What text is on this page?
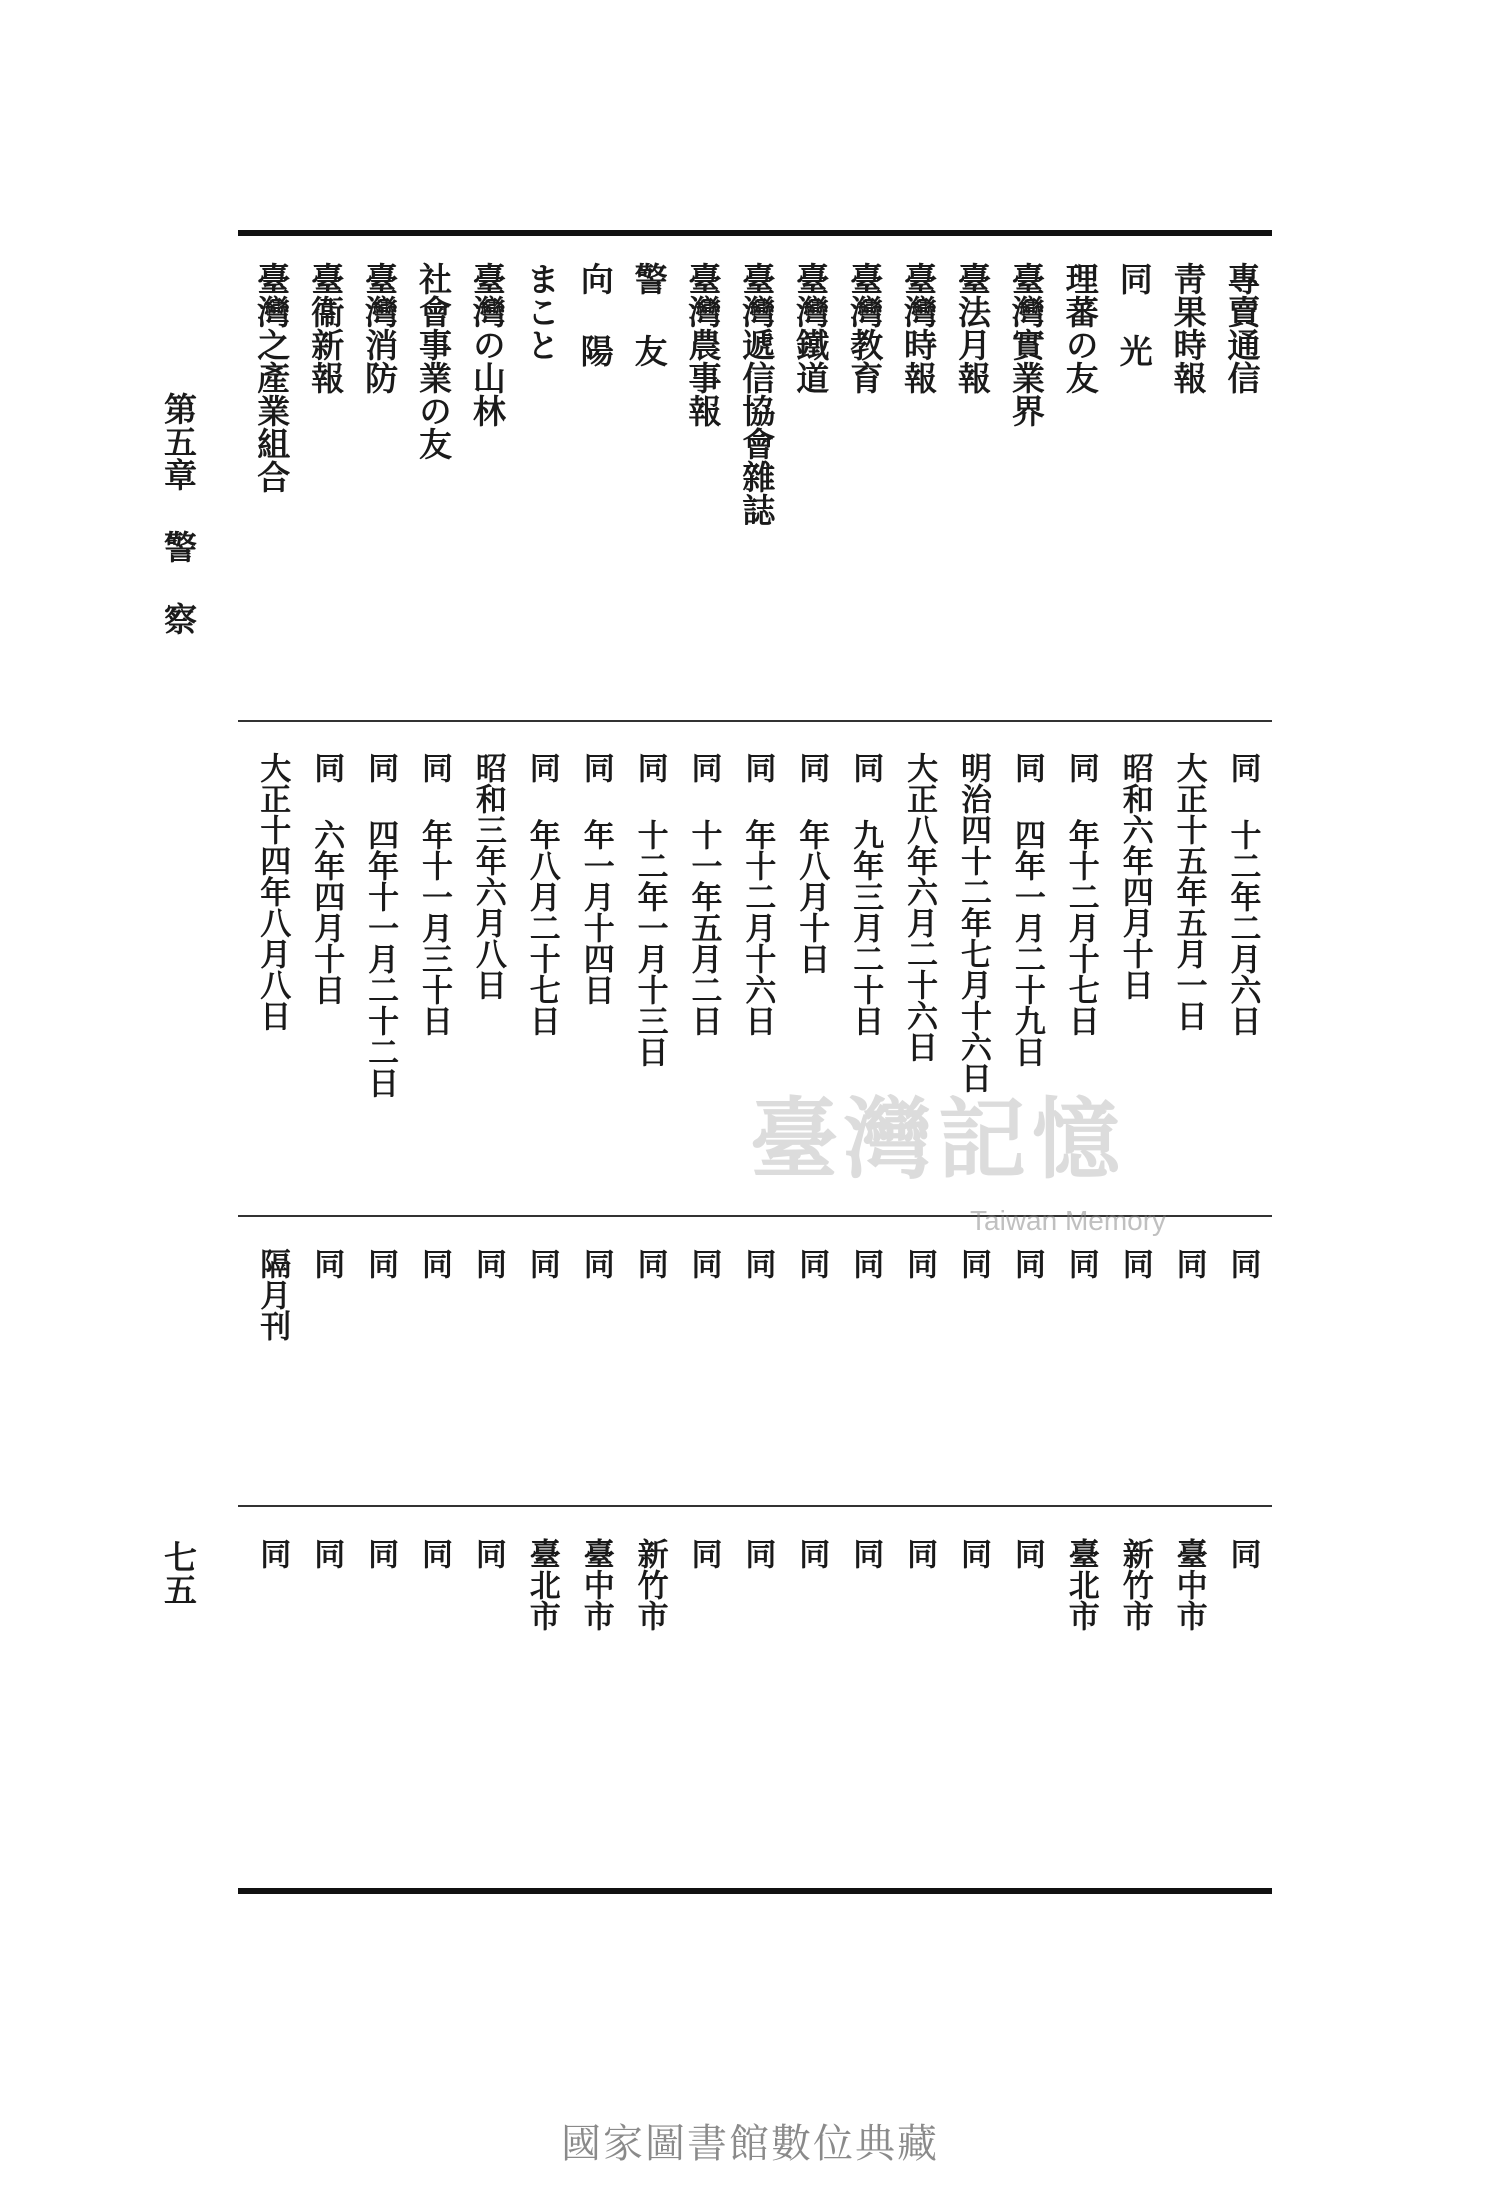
第五章 警 察
七五
專賣通信
同 十二年二月六日
同
同
靑果時報
大正十五年五月一日
同
臺中市
同 光
昭和六年四月十日
同
新竹市
理蕃の友
同 年十二月十七日
同
臺北市
臺灣實業界
同 四年一月二十九日
同
同
臺法月報
明治四十二年七月十六日
同
同
臺灣時報
大正八年六月二十六日
同
同
臺灣教育
同 九年三月二十日
同
同
臺灣鐵道
同 年八月十日
同
同
臺灣遞信協會雜誌
同 年十二月十六日
同
同
臺灣農事報
同 十一年五月二日
同
同
警 友
同 十二年一月十三日
同
新竹市
向 陽
同 年一月十四日
同
臺中市
まこと
同 年八月二十七日
同
臺北市
臺灣の山林
昭和三年六月八日
同
同
社會事業の友
同 年十一月三十日
同
同
臺灣消防
同 四年十一月二十二日
同
同
臺衞新報
同 六年四月十日
同
同
臺灣之產業組合
大正十四年八月八日
隔月刊
同
臺灣記憶
Taiwan Memory
國家圖書館數位典藏
